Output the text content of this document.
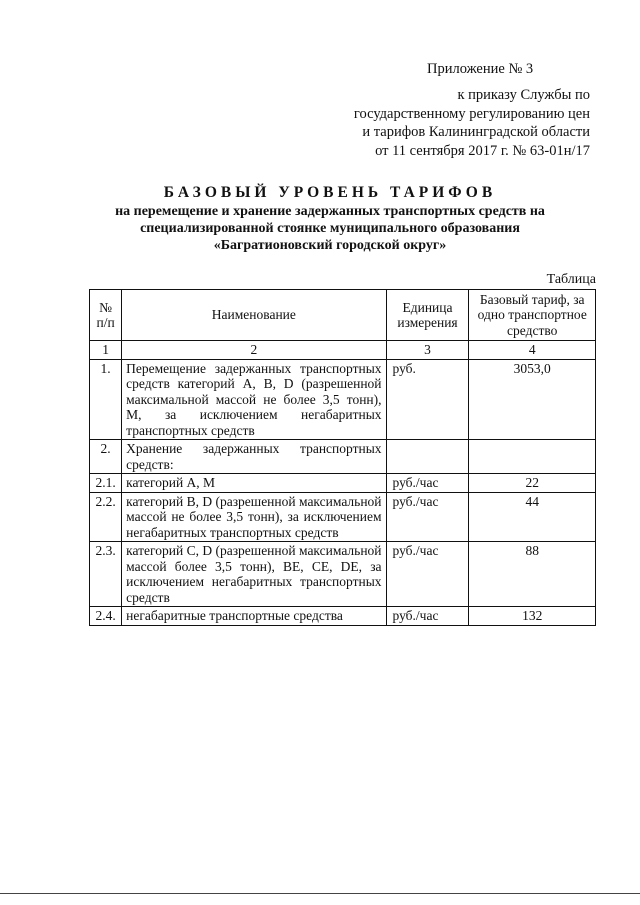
Приложение № 3
к приказу Службы по
государственному регулированию цен
и тарифов Калининградской области
от 11 сентября 2017 г. № 63-01н/17
БАЗОВЫЙ УРОВЕНЬ ТАРИФОВ
на перемещение и хранение задержанных транспортных средств на
специализированной стоянке муниципального образования
«Багратионовский городской округ»
Таблица
№ п/п	Наименование	Единица измерения	Базовый тариф, за одно транспортное средство
1	2	3	4
1.	Перемещение задержанных транспортных средств категорий А, В, D (разрешенной максимальной массой не более 3,5 тонн), М, за исключением негабаритных транспортных средств	руб.	3053,0
2.	Хранение задержанных транспортных средств:		
2.1.	категорий А, М	руб./час	22
2.2.	категорий В, D (разрешенной максимальной массой не более 3,5 тонн), за исключением негабаритных транспортных средств	руб./час	44
2.3.	категорий С, D (разрешенной максимальной массой более 3,5 тонн), ВЕ, СЕ, DE, за исключением негабаритных транспортных средств	руб./час	88
2.4.	негабаритные транспортные средства	руб./час	132
